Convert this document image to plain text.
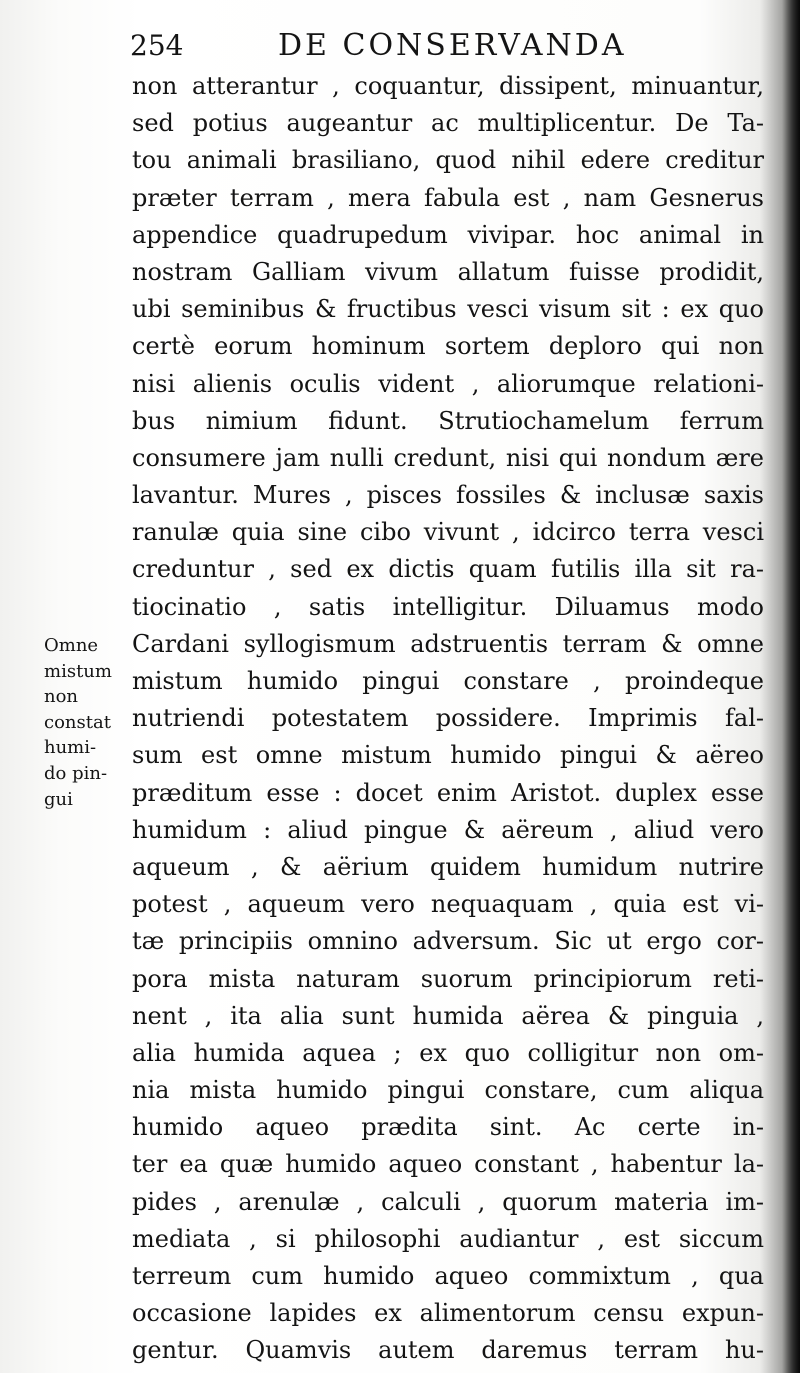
254	DE CONSERVANDA
non atterantur , coquantur, dissipent, minuantur,
sed potius augeantur ac multiplicentur. De Ta-
tou animali brasiliano, quod nihil edere creditur
præter terram , mera fabula est , nam Gesnerus
appendice quadrupedum vivipar. hoc animal in
nostram Galliam vivum allatum fuisse prodidit,
ubi seminibus & fructibus vesci visum sit : ex quo
certè eorum hominum sortem deploro qui non
nisi alienis oculis vident , aliorumque relationi-
bus nimium fidunt. Strutiochamelum ferrum
consumere jam nulli credunt, nisi qui nondum ære
lavantur. Mures , pisces fossiles & inclusæ saxis
ranulæ quia sine cibo vivunt , idcirco terra vesci
creduntur , sed ex dictis quam futilis illa sit ra-
tiocinatio , satis intelligitur. Diluamus modo
Cardani syllogismum adstruentis terram & omne
mistum humido pingui constare , proindeque
nutriendi potestatem possidere. Imprimis fal-
sum est omne mistum humido pingui & aëreo
præditum esse : docet enim Aristot. duplex esse
humidum : aliud pingue & aëreum , aliud vero
aqueum , & aërium quidem humidum nutrire
potest , aqueum vero nequaquam , quia est vi-
tæ principiis omnino adversum. Sic ut ergo cor-
pora mista naturam suorum principiorum reti-
nent , ita alia sunt humida aërea & pinguia ,
alia humida aquea ; ex quo colligitur non om-
nia mista humido pingui constare, cum aliqua
humido aqueo prædita sint. Ac certe in-
ter ea quæ humido aqueo constant , habentur la-
pides , arenulæ , calculi , quorum materia im-
mediata , si philosophi audiantur , est siccum
terreum cum humido aqueo commixtum , qua
occasione lapides ex alimentorum censu expun-
gentur. Quamvis autem daremus terram hu-
Omne
mistum
non
constat
humi-
do pin-
gui
